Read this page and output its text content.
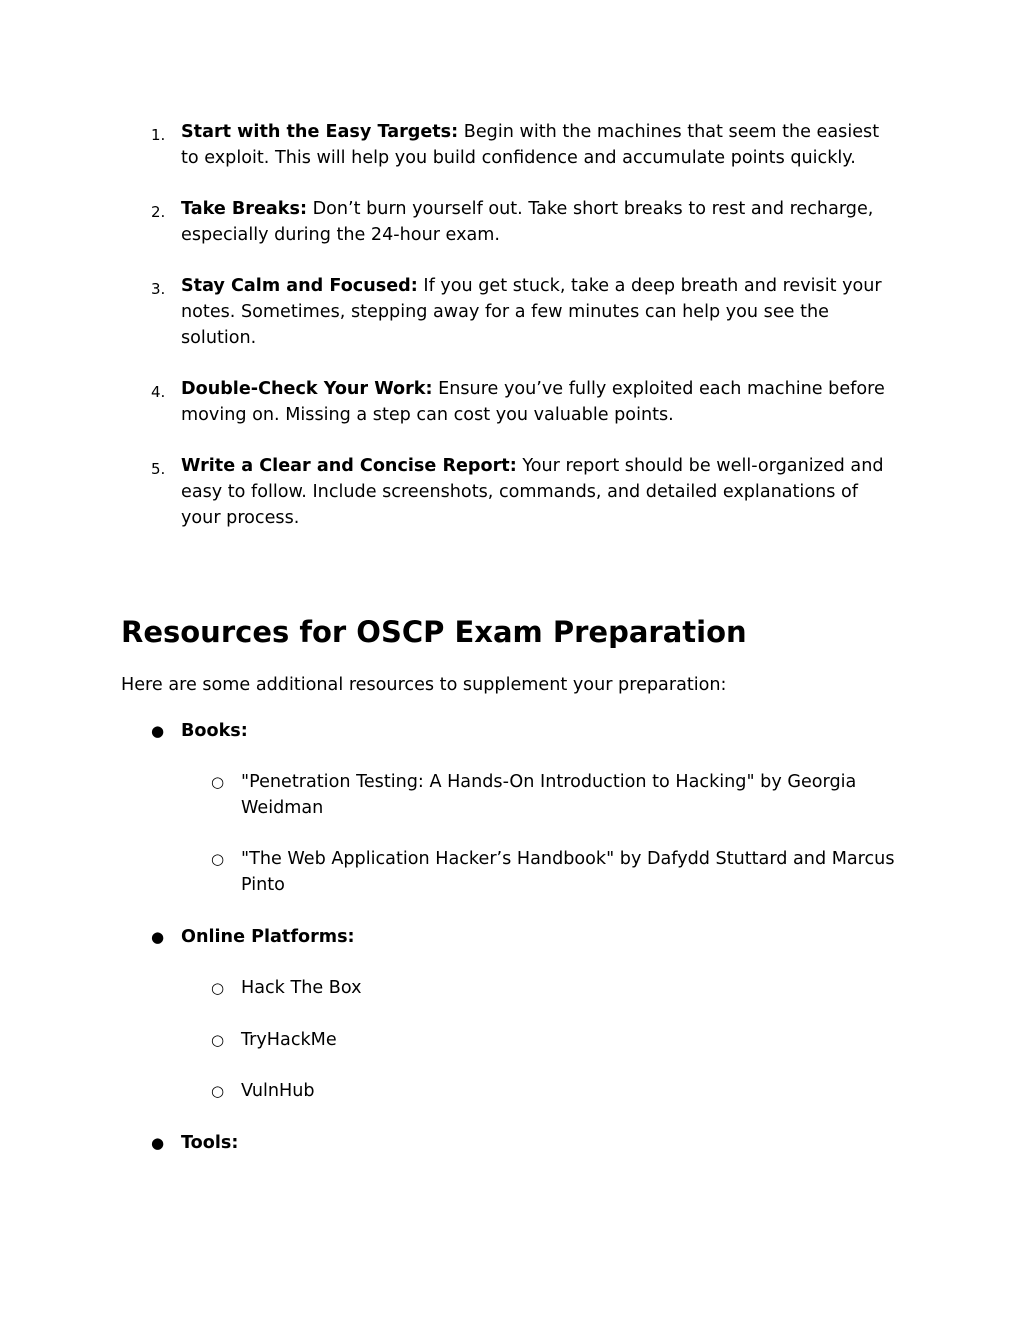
1. Start with the Easy Targets: Begin with the machines that seem the easiest to exploit. This will help you build confidence and accumulate points quickly.
2. Take Breaks: Don’t burn yourself out. Take short breaks to rest and recharge, especially during the 24-hour exam.
3. Stay Calm and Focused: If you get stuck, take a deep breath and revisit your notes. Sometimes, stepping away for a few minutes can help you see the solution.
4. Double-Check Your Work: Ensure you’ve fully exploited each machine before moving on. Missing a step can cost you valuable points.
5. Write a Clear and Concise Report: Your report should be well-organized and easy to follow. Include screenshots, commands, and detailed explanations of your process.
Resources for OSCP Exam Preparation

Here are some additional resources to supplement your preparation:

● Books:
○ "Penetration Testing: A Hands-On Introduction to Hacking" by Georgia Weidman
○ "The Web Application Hacker’s Handbook" by Dafydd Stuttard and Marcus Pinto
● Online Platforms:
○ Hack The Box
○ TryHackMe
○ VulnHub
● Tools:
